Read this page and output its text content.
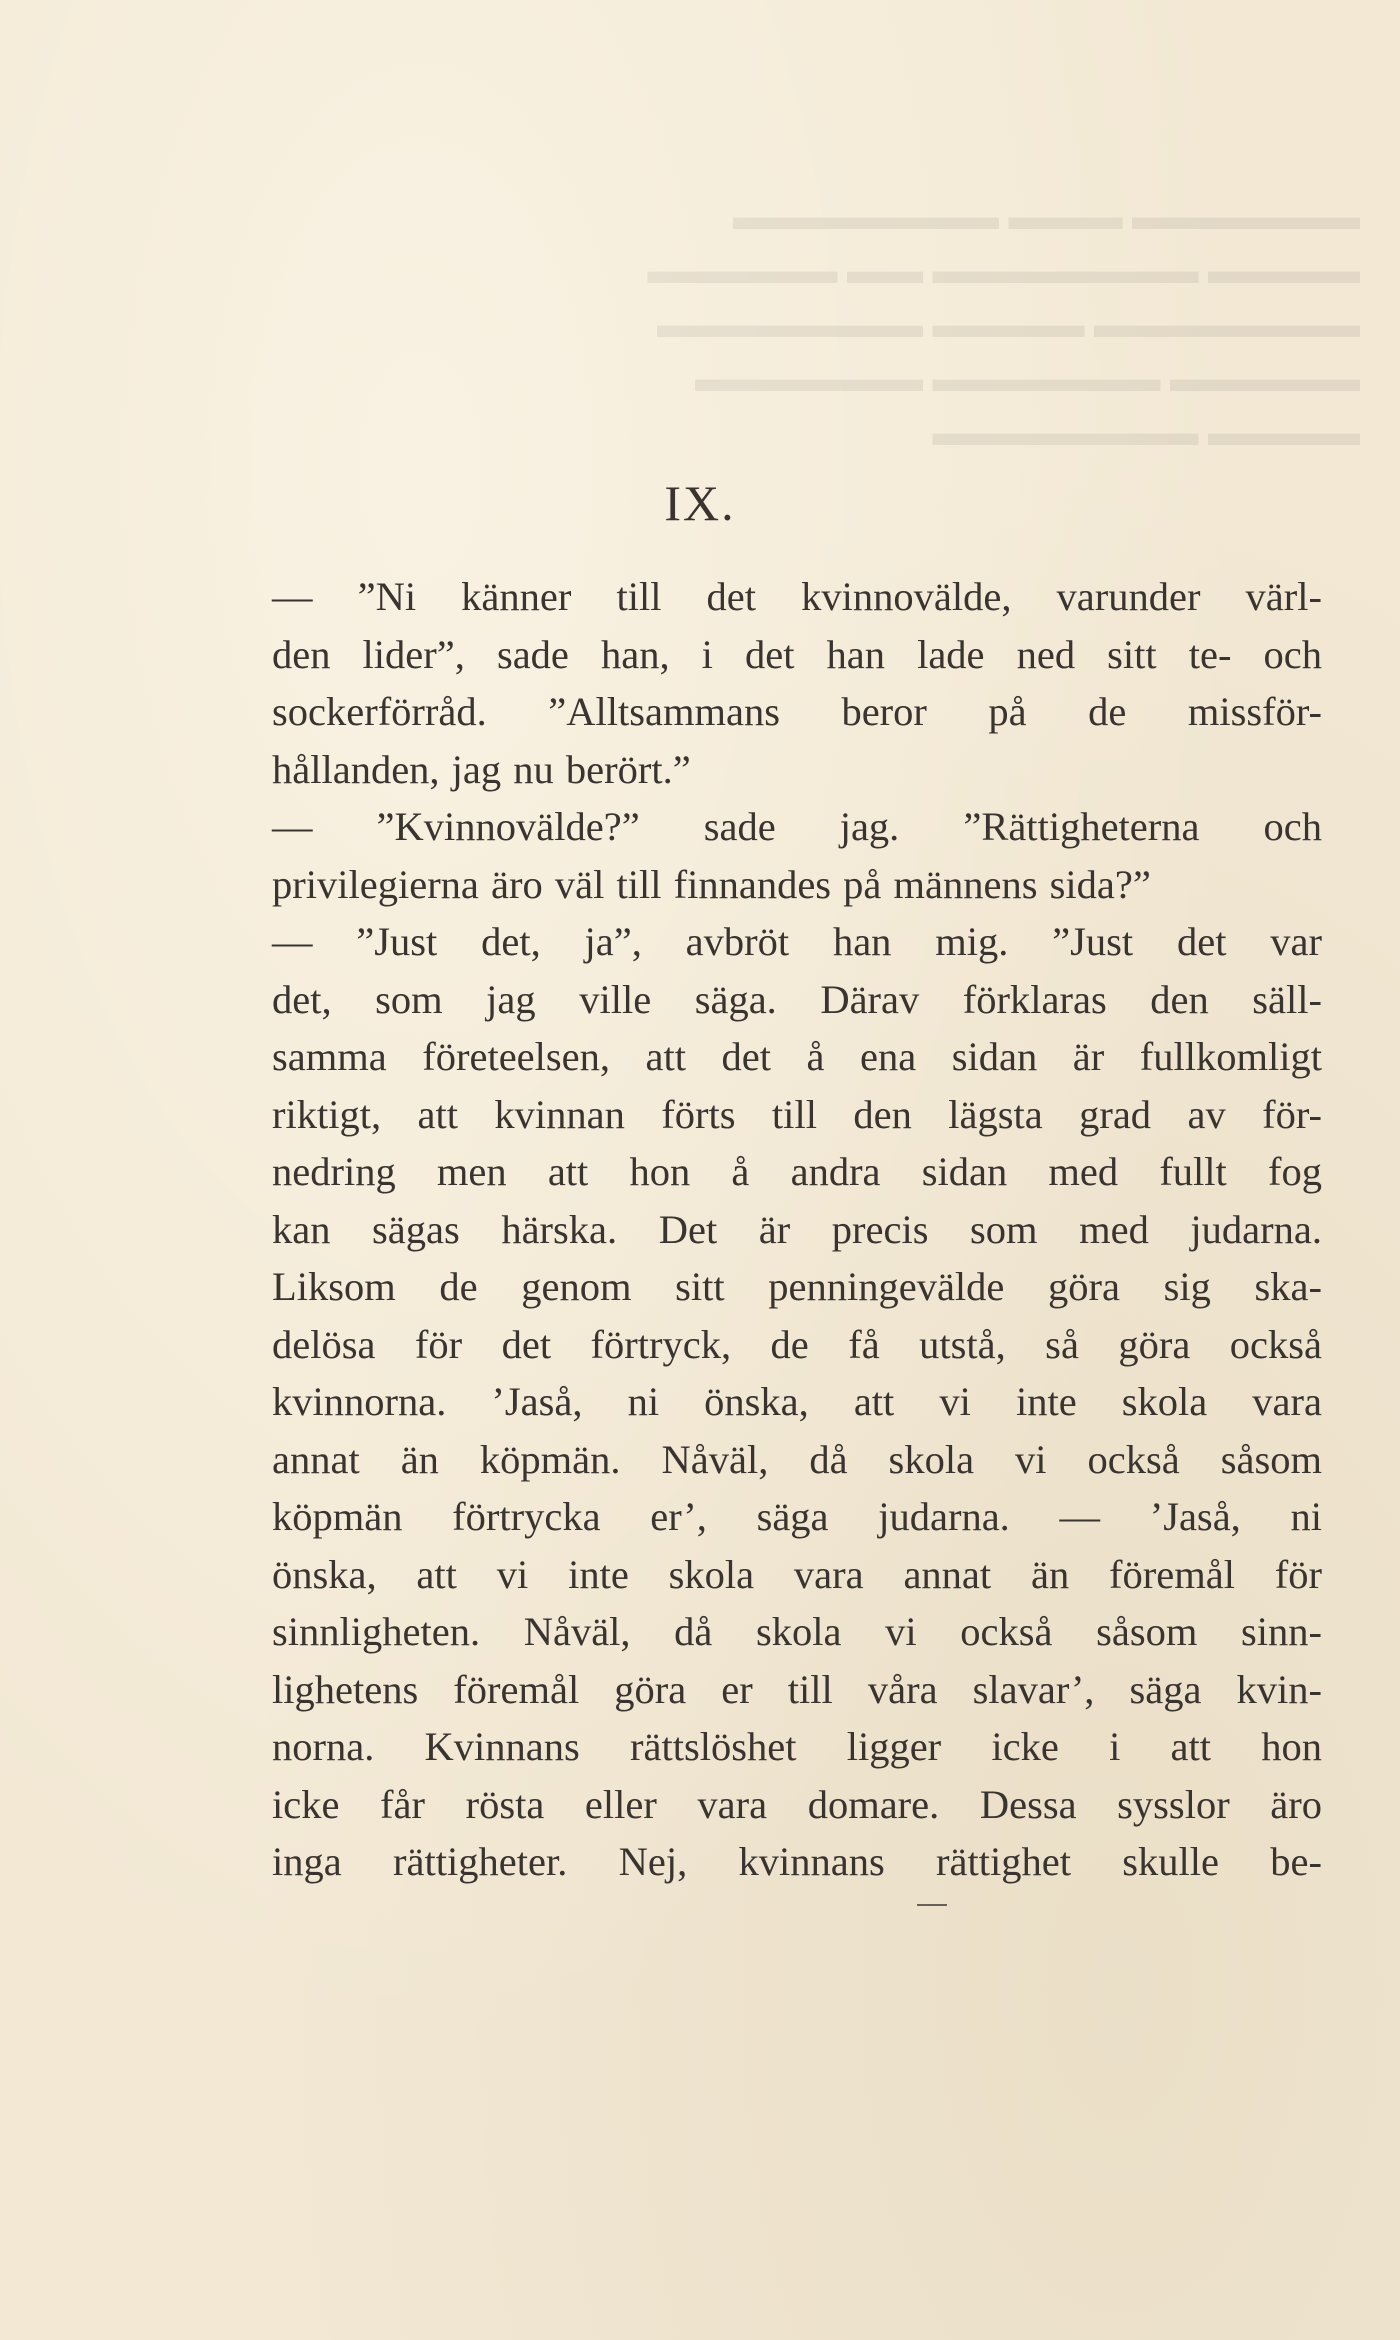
▬▬▬▬▬▬ ▬▬▬ ▬▬▬▬▬▬▬
▬▬▬▬ ▬▬▬▬▬▬▬ ▬▬ ▬▬▬▬▬
▬▬▬▬▬▬▬ ▬▬▬▬ ▬▬▬▬▬▬▬
▬▬▬▬▬ ▬▬▬▬▬▬ ▬▬▬▬▬▬
▬▬▬▬ ▬▬▬▬▬▬▬
IX.
— ”Ni känner till det kvinnovälde, varunder värl-
den lider”, sade han, i det han lade ned sitt te- och
sockerförråd. ”Alltsammans beror på de missför-
hållanden, jag nu berört.”
— ”Kvinnovälde?” sade jag. ”Rättigheterna och
privilegierna äro väl till finnandes på männens sida?”
— ”Just det, ja”, avbröt han mig. ”Just det var
det, som jag ville säga. Därav förklaras den säll-
samma företeelsen, att det å ena sidan är fullkomligt
riktigt, att kvinnan förts till den lägsta grad av för-
nedring men att hon å andra sidan med fullt fog
kan sägas härska. Det är precis som med judarna.
Liksom de genom sitt penningevälde göra sig ska-
delösa för det förtryck, de få utstå, så göra också
kvinnorna. ’Jaså, ni önska, att vi inte skola vara
annat än köpmän. Nåväl, då skola vi också såsom
köpmän förtrycka er’, säga judarna. — ’Jaså, ni
önska, att vi inte skola vara annat än föremål för
sinnligheten. Nåväl, då skola vi också såsom sinn-
lighetens föremål göra er till våra slavar’, säga kvin-
norna. Kvinnans rättslöshet ligger icke i att hon
icke får rösta eller vara domare. Dessa sysslor äro
inga rättigheter. Nej, kvinnans rättighet skulle be-
